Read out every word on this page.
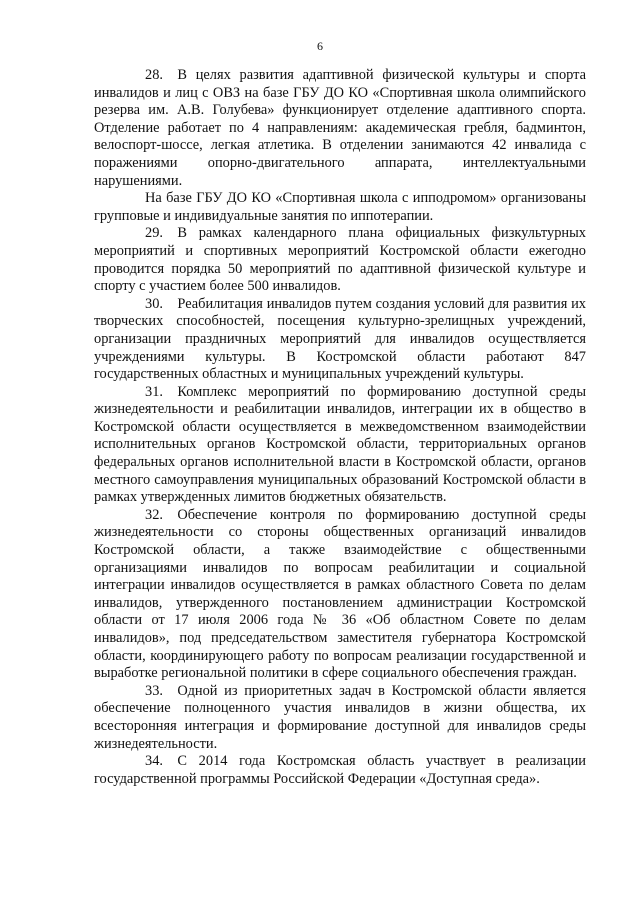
6

28. В целях развития адаптивной физической культуры и спорта инвалидов и лиц с ОВЗ на базе ГБУ ДО КО «Спортивная школа олимпийского резерва им. А.В. Голубева» функционирует отделение адаптивного спорта. Отделение работает по 4 направлениям: академическая гребля, бадминтон, велоспорт-шоссе, легкая атлетика. В отделении занимаются 42 инвалида с поражениями опорно-двигательного аппарата, интеллектуальными нарушениями.

На базе ГБУ ДО КО «Спортивная школа с ипподромом» организованы групповые и индивидуальные занятия по иппотерапии.

29. В рамках календарного плана официальных физкультурных мероприятий и спортивных мероприятий Костромской области ежегодно проводится порядка 50 мероприятий по адаптивной физической культуре и спорту с участием более 500 инвалидов.

30. Реабилитация инвалидов путем создания условий для развития их творческих способностей, посещения культурно-зрелищных учреждений, организации праздничных мероприятий для инвалидов осуществляется учреждениями культуры. В Костромской области работают 847 государственных областных и муниципальных учреждений культуры.

31. Комплекс мероприятий по формированию доступной среды жизнедеятельности и реабилитации инвалидов, интеграции их в общество в Костромской области осуществляется в межведомственном взаимодействии исполнительных органов Костромской области, территориальных органов федеральных органов исполнительной власти в Костромской области, органов местного самоуправления муниципальных образований Костромской области в рамках утвержденных лимитов бюджетных обязательств.

32. Обеспечение контроля по формированию доступной среды жизнедеятельности со стороны общественных организаций инвалидов Костромской области, а также взаимодействие с общественными организациями инвалидов по вопросам реабилитации и социальной интеграции инвалидов осуществляется в рамках областного Совета по делам инвалидов, утвержденного постановлением администрации Костромской области от 17 июля 2006 года № 36 «Об областном Совете по делам инвалидов», под председательством заместителя губернатора Костромской области, координирующего работу по вопросам реализации государственной и выработке региональной политики в сфере социального обеспечения граждан.

33. Одной из приоритетных задач в Костромской области является обеспечение полноценного участия инвалидов в жизни общества, их всесторонняя интеграция и формирование доступной для инвалидов среды жизнедеятельности.

34. С 2014 года Костромская область участвует в реализации государственной программы Российской Федерации «Доступная среда».
